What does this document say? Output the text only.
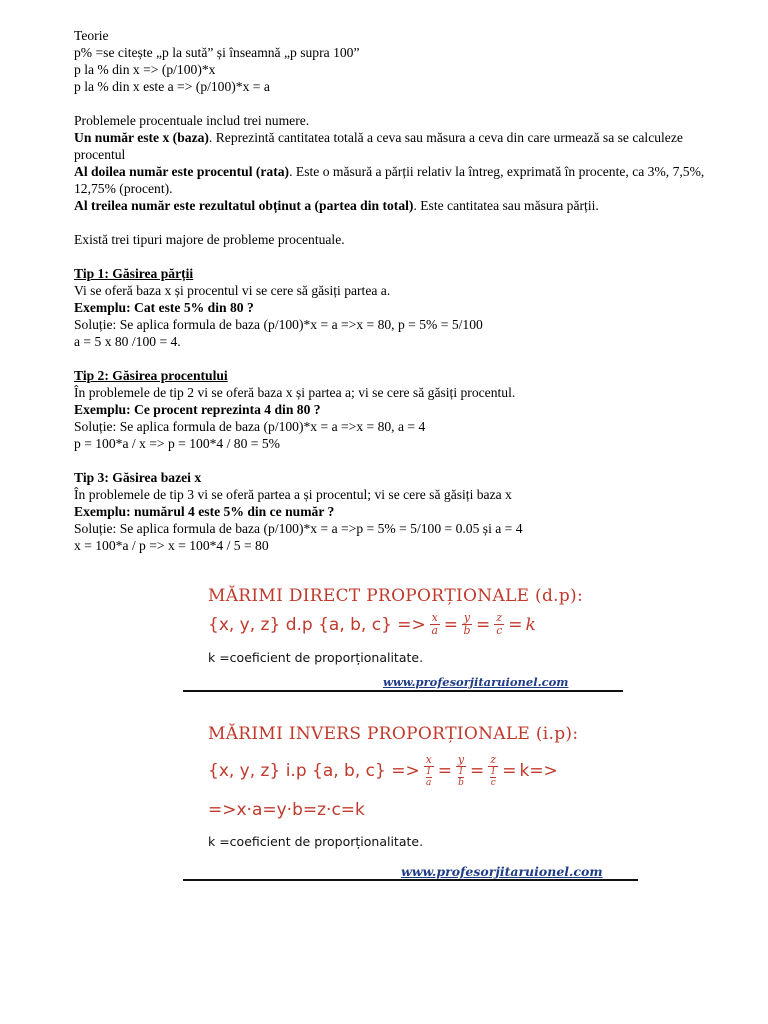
Teorie

p% =se citește „p la sută” și înseamnă „p supra 100”

p la % din x => (p/100)*x

p la % din x este a => (p/100)*x = a

Problemele procentuale includ trei numere.

Un număr este x (baza). Reprezintă cantitatea totală a ceva sau măsura a ceva din care urmează sa se calculeze procentul

Al doilea număr este procentul (rata). Este o măsură a părții relativ la întreg, exprimată în procente, ca 3%, 7,5%, 12,75% (procent).

Al treilea număr este rezultatul obținut a (partea din total). Este cantitatea sau măsura părții.

Există trei tipuri majore de probleme procentuale.

Tip 1: Găsirea părții

Vi se oferă baza x și procentul vi se cere să găsiți partea a.

Exemplu: Cat este 5% din 80 ?

Soluție: Se aplica formula de baza (p/100)*x = a =>x = 80, p = 5% = 5/100

a = 5 x 80 /100 = 4.

Tip 2: Găsirea procentului

În problemele de tip 2 vi se oferă baza x și partea a; vi se cere să găsiți procentul.

Exemplu: Ce procent reprezinta 4 din 80 ?

Soluție: Se aplica formula de baza (p/100)*x = a =>x = 80, a = 4

p = 100*a / x => p = 100*4 / 80 = 5%

Tip 3: Găsirea bazei x

În problemele de tip 3 vi se oferă partea a și procentul; vi se cere să găsiți baza x

Exemplu: numărul 4 este 5% din ce număr ?

Soluție: Se aplica formula de baza (p/100)*x = a =>p = 5% = 5/100 = 0.05 și a = 4

x = 100*a / p => x = 100*4 / 5 = 80

MĂRIMI DIRECT PROPORȚIONALE (d.p):
{x, y, z} d.p {a, b, $c\} => \frac{x}{a} = \frac{y}{b} = \frac{z}{c} = k$
k =coeficient de proporționalitate.
www.profesorjitaruionel.com
MĂRIMI INVERS PROPORȚIONALE (i.p):
{x, y, z} i.p {a, b, c} =>
x
1
a
=
y
1
b
=
z
1
c
= k=>
=>x·a=y·b=z·c=k
k =coeficient de proporționalitate.
www.profesorjitaruionel.com
